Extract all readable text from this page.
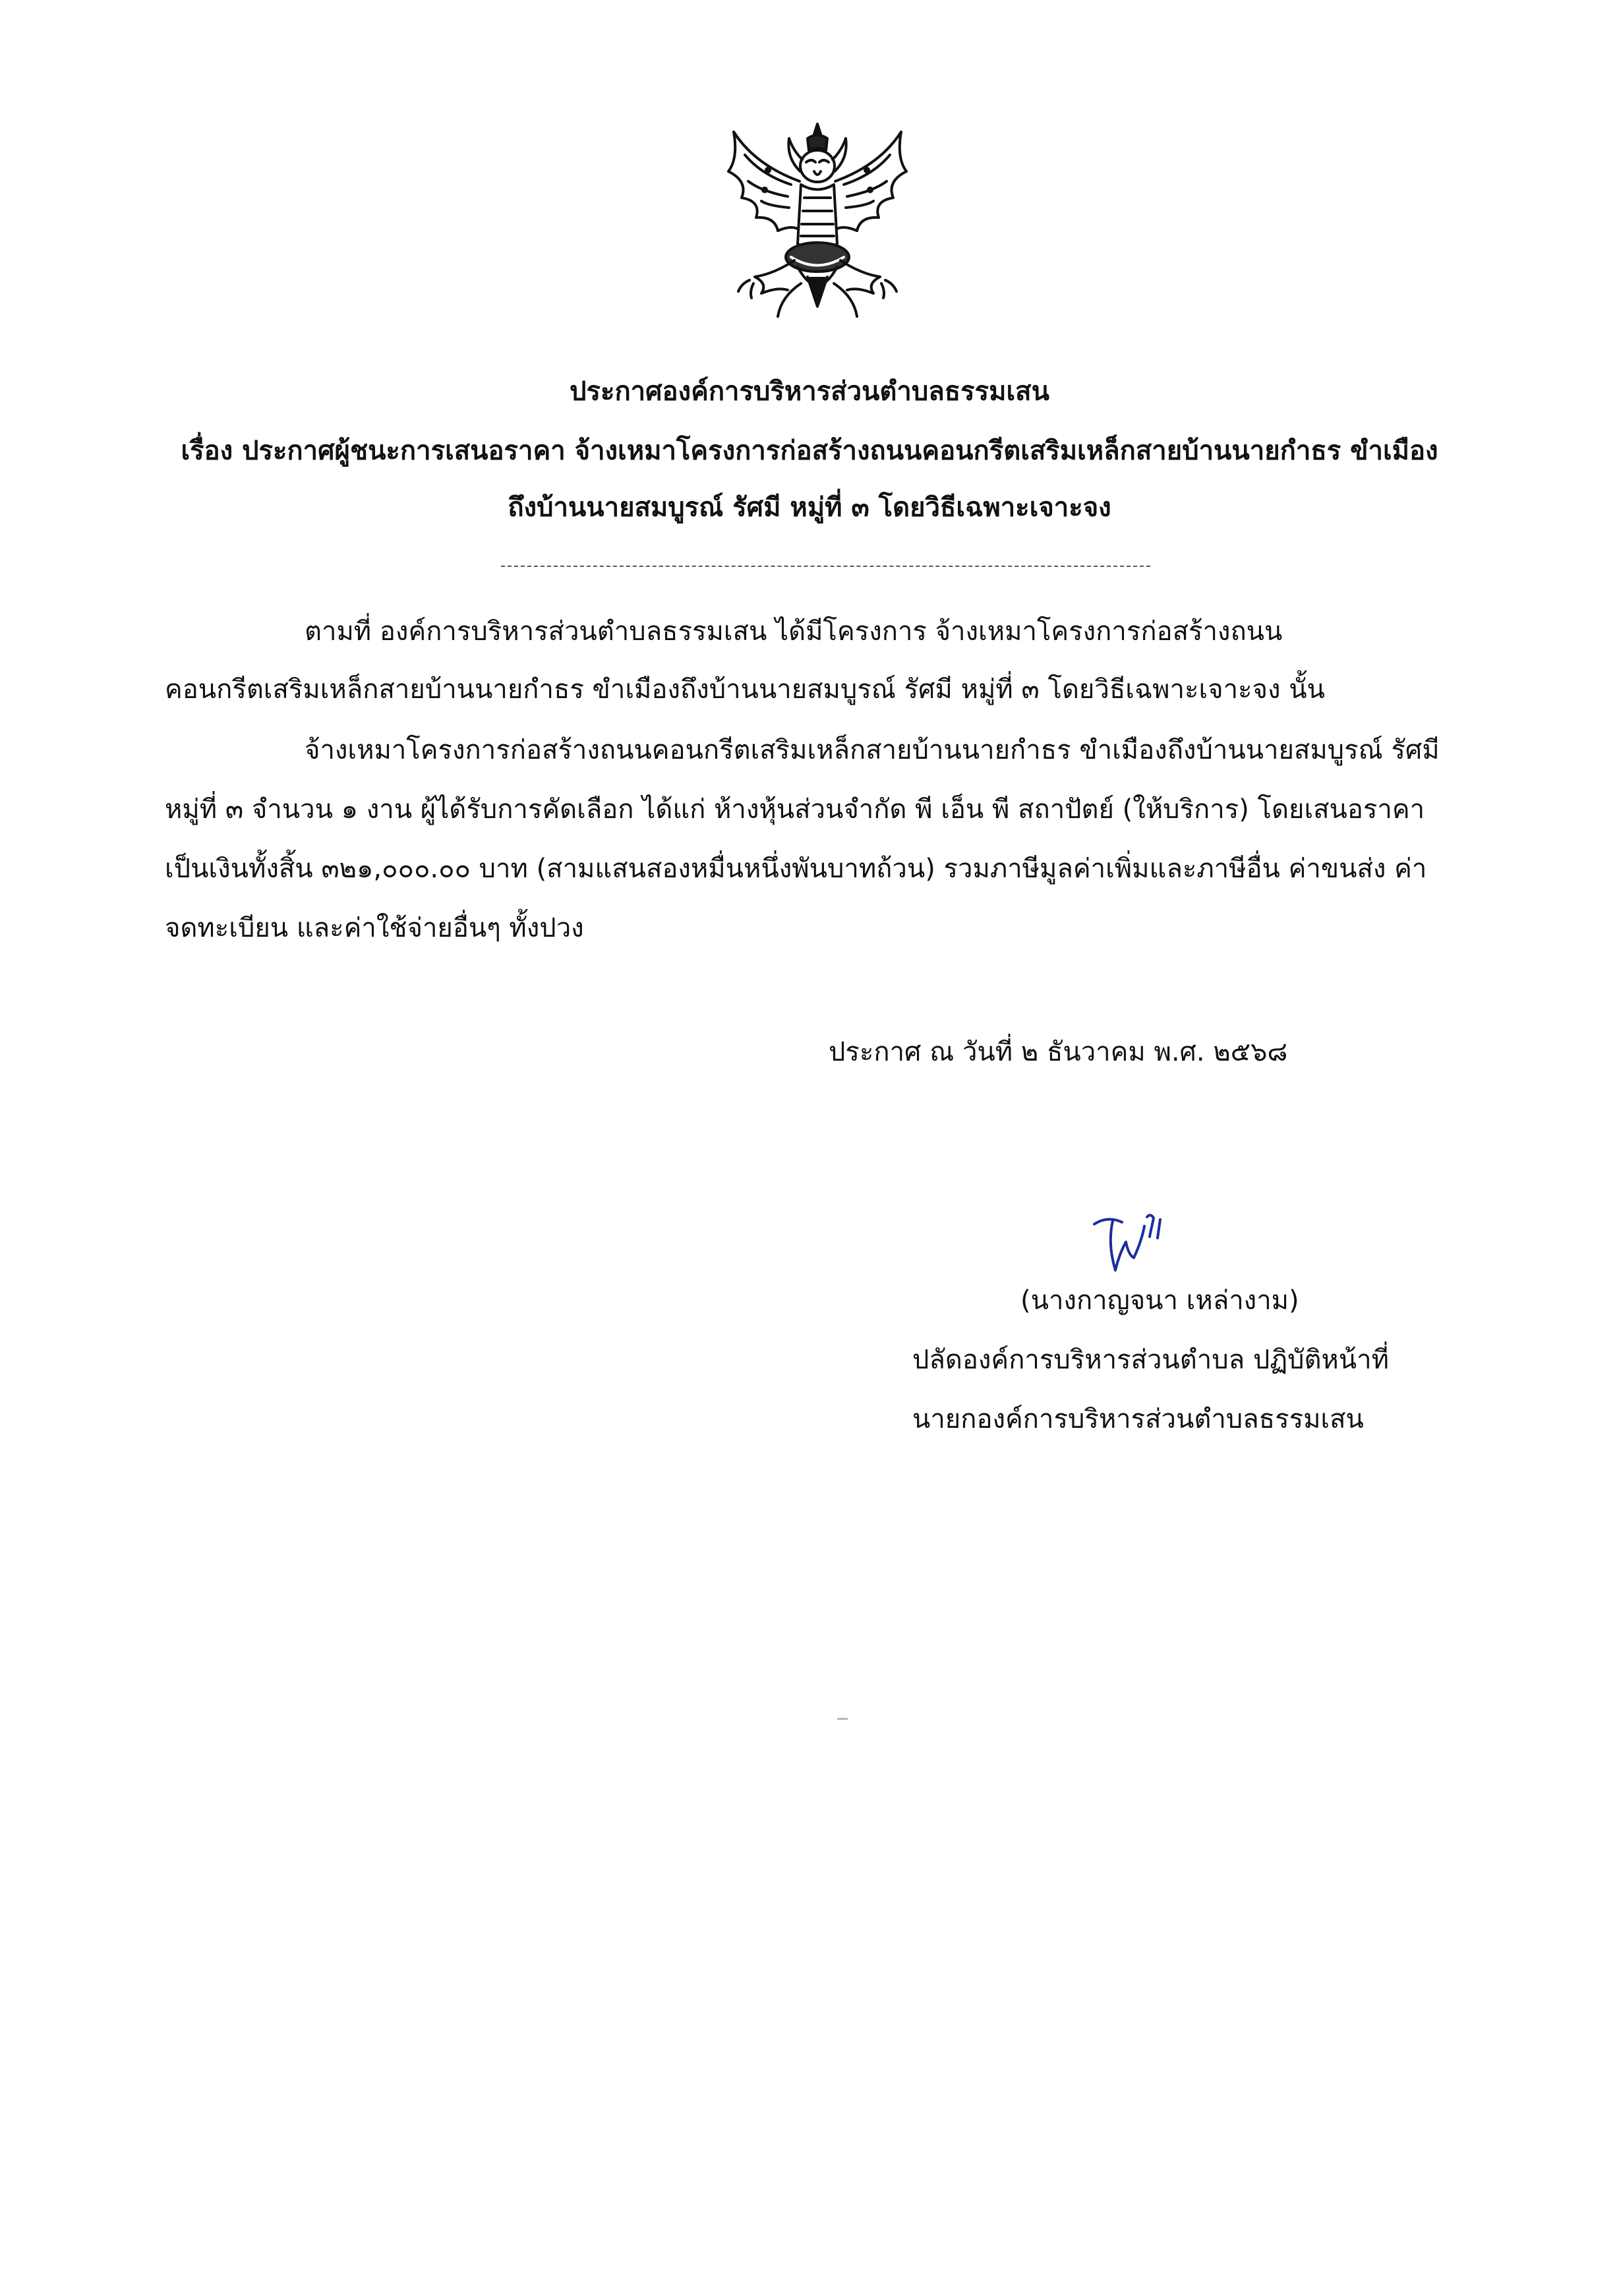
ประกาศองค์การบริหารส่วนตำบลธรรมเสน
เรื่อง ประกาศผู้ชนะการเสนอราคา จ้างเหมาโครงการก่อสร้างถนนคอนกรีตเสริมเหล็กสายบ้านนายกำธร ขำเมือง
ถึงบ้านนายสมบูรณ์ รัศมี หมู่ที่ ๓ โดยวิธีเฉพาะเจาะจง
ตามที่ องค์การบริหารส่วนตำบลธรรมเสน ได้มีโครงการ จ้างเหมาโครงการก่อสร้างถนน
คอนกรีตเสริมเหล็กสายบ้านนายกำธร ขำเมืองถึงบ้านนายสมบูรณ์ รัศมี หมู่ที่ ๓ โดยวิธีเฉพาะเจาะจง นั้น
จ้างเหมาโครงการก่อสร้างถนนคอนกรีตเสริมเหล็กสายบ้านนายกำธร ขำเมืองถึงบ้านนายสมบูรณ์ รัศมี
หมู่ที่ ๓ จำนวน ๑ งาน ผู้ได้รับการคัดเลือก ได้แก่ ห้างหุ้นส่วนจำกัด พี เอ็น พี สถาปัตย์ (ให้บริการ) โดยเสนอราคา
เป็นเงินทั้งสิ้น ๓๒๑,๐๐๐.๐๐ บาท (สามแสนสองหมื่นหนึ่งพันบาทถ้วน) รวมภาษีมูลค่าเพิ่มและภาษีอื่น ค่าขนส่ง ค่า
จดทะเบียน และค่าใช้จ่ายอื่นๆ ทั้งปวง
ประกาศ ณ วันที่ ๒ ธันวาคม พ.ศ. ๒๕๖๘
(นางกาญจนา เหล่างาม)
ปลัดองค์การบริหารส่วนตำบล ปฏิบัติหน้าที่
นายกองค์การบริหารส่วนตำบลธรรมเสน
